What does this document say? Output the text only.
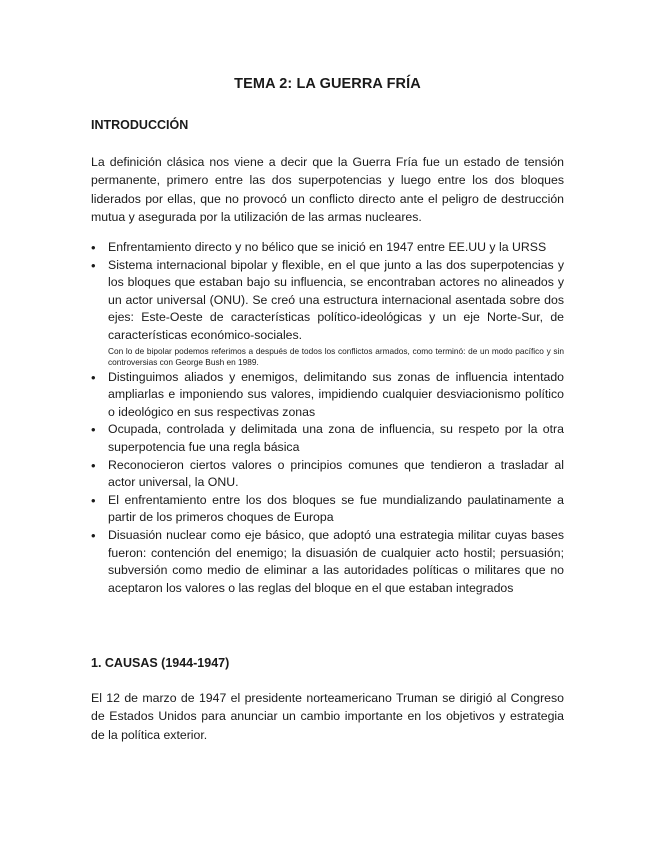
TEMA 2: LA GUERRA FRÍA
INTRODUCCIÓN

La definición clásica nos viene a decir que la Guerra Fría fue un estado de tensión permanente, primero entre las dos superpotencias y luego entre los dos bloques liderados por ellas, que no provocó un conflicto directo ante el peligro de destrucción mutua y asegurada por la utilización de las armas nucleares.

• Enfrentamiento directo y no bélico que se inició en 1947 entre EE.UU y la URSS
• Sistema internacional bipolar y flexible, en el que junto a las dos superpotencias y los bloques que estaban bajo su influencia, se encontraban actores no alineados y un actor universal (ONU). Se creó una estructura internacional asentada sobre dos ejes: Este-Oeste de características político-ideológicas y un eje Norte-Sur, de características económico-sociales.
Con lo de bipolar podemos referimos a después de todos los conflictos armados, como terminó: de un modo pacífico y sin controversias con George Bush en 1989.
• Distinguimos aliados y enemigos, delimitando sus zonas de influencia intentado ampliarlas e imponiendo sus valores, impidiendo cualquier desviacionismo político o ideológico en sus respectivas zonas
• Ocupada, controlada y delimitada una zona de influencia, su respeto por la otra superpotencia fue una regla básica
• Reconocieron ciertos valores o principios comunes que tendieron a trasladar al actor universal, la ONU.
• El enfrentamiento entre los dos bloques se fue mundializando paulatinamente a partir de los primeros choques de Europa
• Disuasión nuclear como eje básico, que adoptó una estrategia militar cuyas bases fueron: contención del enemigo; la disuasión de cualquier acto hostil; persuasión; subversión como medio de eliminar a las autoridades políticas o militares que no aceptaron los valores o las reglas del bloque en el que estaban integrados
1. CAUSAS (1944-1947)

El 12 de marzo de 1947 el presidente norteamericano Truman se dirigió al Congreso de Estados Unidos para anunciar un cambio importante en los objetivos y estrategia de la política exterior.
